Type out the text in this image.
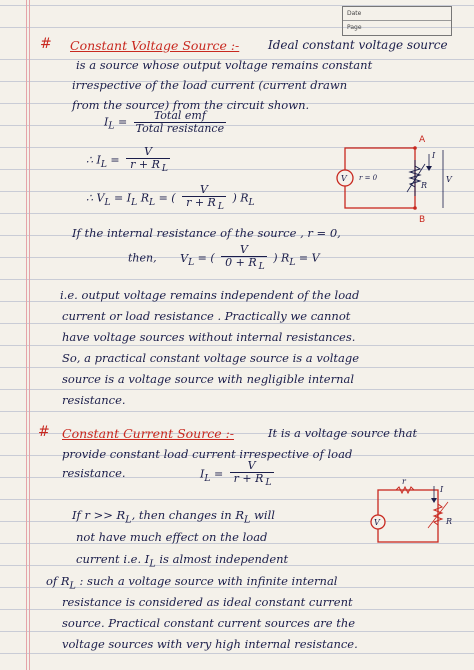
Date
Page
# Constant Voltage Source :- Ideal constant voltage source
is a source whose output voltage remains constant
irrespective of the load current (current drawn
from the source) from the circuit shown.
$I_L = \frac{\text{Total emf}}{\text{Total resistance}}$
∴ $I_L = \frac{V}{r + R _L}$
∴ $V_L = I_L$ $R_L$ = ( $\frac{V}{r + R _L}$ ) $R_L$
A
B
V r = 0
I
R
V
If the internal resistance of the source , r = 0,
then, $V_L$ = ( $\frac{V}{0 + R _L}$ ) $R_L = V$
i.e. output voltage remains independent of the load
current or load resistance . Practically we cannot
have voltage sources without internal resistances.
So, a practical constant voltage source is a voltage
source is a voltage source with negligible internal
resistance.
# Constant Current Source :-	It is a voltage source that
provide constant load current irrespective of load
resistance.	$I_L = \frac{V}{r + R _L}$
V
r
I
R
If $r >> R_L$, then changes in $R_L$ will
not have much effect on the load
current i.e. $I_L$ is almost independent
of $R_L$ : such a voltage source with infinite internal
resistance is considered as ideal constant current
source. Practical constant current sources are the
voltage sources with very high internal resistance.
